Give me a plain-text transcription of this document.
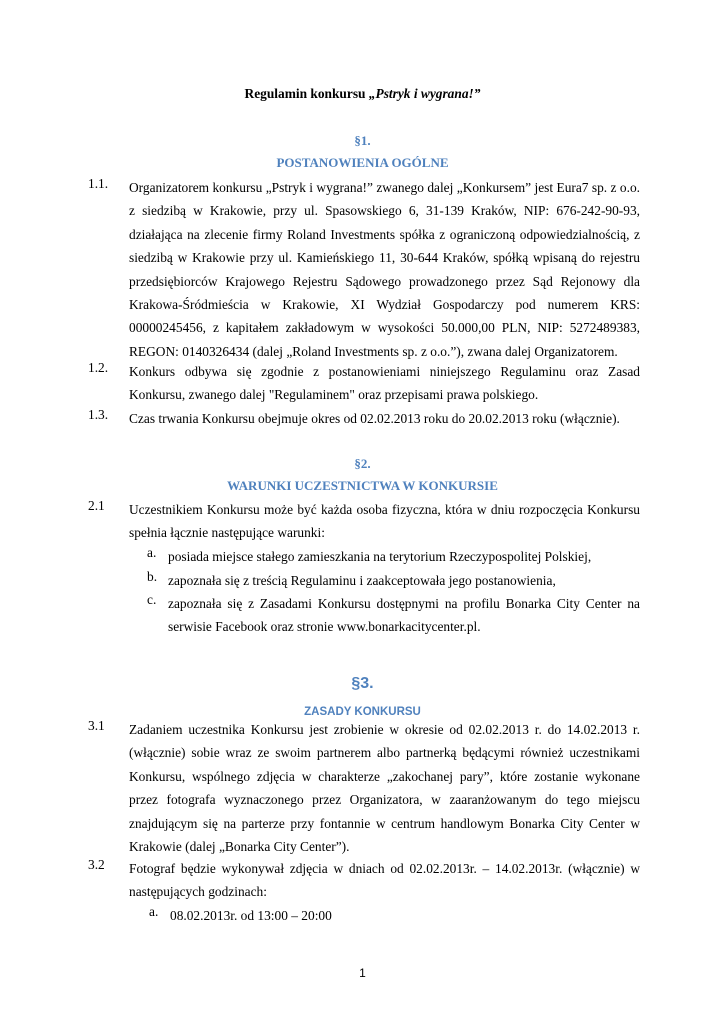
Regulamin konkursu „Pstryk i wygrana!”
§1.
POSTANOWIENIA OGÓLNE
1.1. Organizatorem konkursu „Pstryk i wygrana!” zwanego dalej „Konkursem” jest Eura7 sp. z o.o. z siedzibą w Krakowie, przy ul. Spasowskiego 6, 31-139 Kraków, NIP: 676-242-90-93, działająca na zlecenie firmy Roland Investments spółka z ograniczoną odpowiedzialnością, z siedzibą w Krakowie przy ul. Kamieńskiego 11, 30-644 Kraków, spółką wpisaną do rejestru przedsiębiorców Krajowego Rejestru Sądowego prowadzonego przez Sąd Rejonowy dla Krakowa-Śródmieścia w Krakowie, XI Wydział Gospodarczy pod numerem KRS: 00000245456, z kapitałem zakładowym w wysokości 50.000,00 PLN, NIP: 5272489383, REGON: 0140326434 (dalej „Roland Investments sp. z o.o.”), zwana dalej Organizatorem.
1.2. Konkurs odbywa się zgodnie z postanowieniami niniejszego Regulaminu oraz Zasad Konkursu, zwanego dalej "Regulaminem" oraz przepisami prawa polskiego.
1.3. Czas trwania Konkursu obejmuje okres od 02.02.2013 roku do 20.02.2013 roku (włącznie).
§2.
WARUNKI UCZESTNICTWA W KONKURSIE
2.1 Uczestnikiem Konkursu może być każda osoba fizyczna, która w dniu rozpoczęcia Konkursu spełnia łącznie następujące warunki:
a. posiada miejsce stałego zamieszkania na terytorium Rzeczypospolitej Polskiej,
b. zapoznała się z treścią Regulaminu i zaakceptowała jego postanowienia,
c. zapoznała się z Zasadami Konkursu dostępnymi na profilu Bonarka City Center na serwisie Facebook oraz stronie www.bonarkacitycenter.pl.
§3.
ZASADY KONKURSU
3.1 Zadaniem uczestnika Konkursu jest zrobienie w okresie od 02.02.2013 r. do 14.02.2013 r. (włącznie) sobie wraz ze swoim partnerem albo partnerką będącymi również uczestnikami Konkursu, wspólnego zdjęcia w charakterze „zakochanej pary”, które zostanie wykonane przez fotografa wyznaczonego przez Organizatora, w zaaranżowanym do tego miejscu znajdującym się na parterze przy fontannie w centrum handlowym Bonarka City Center w Krakowie (dalej „Bonarka City Center”).
3.2 Fotograf będzie wykonywał zdjęcia w dniach od 02.02.2013r. – 14.02.2013r. (włącznie) w następujących godzinach:
a. 08.02.2013r. od 13:00 – 20:00
1
